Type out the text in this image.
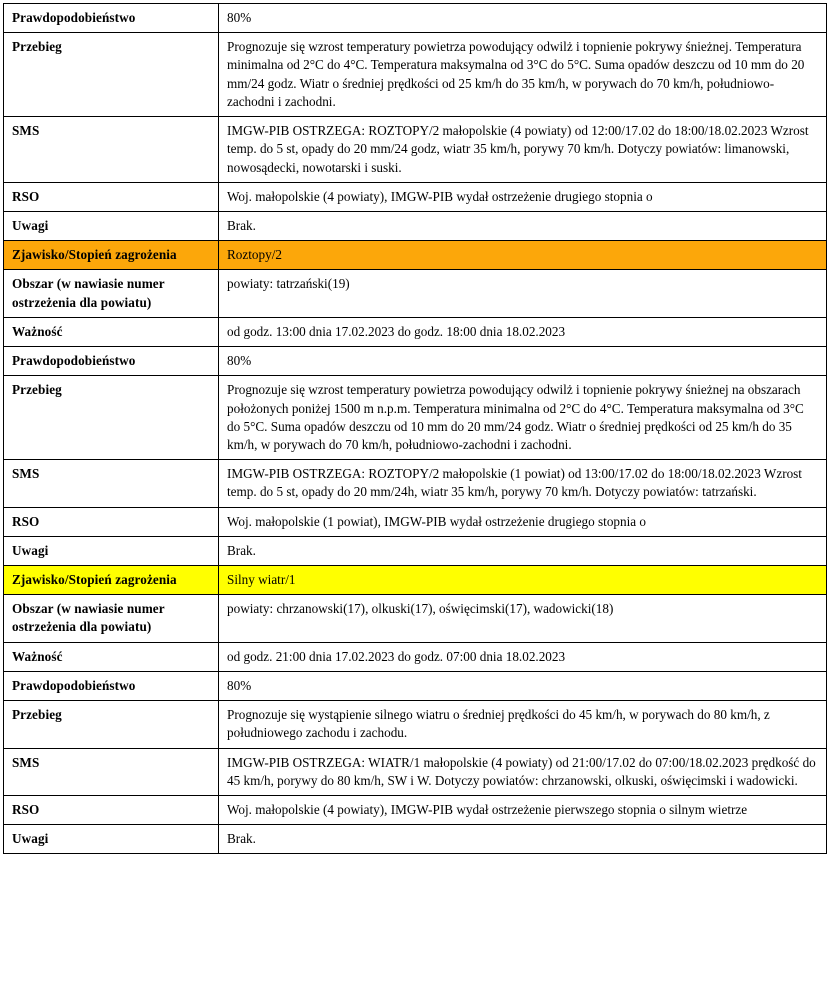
Prawdopodobieństwo	80%
Przebieg	Prognozuje się wzrost temperatury powietrza powodujący odwilż i topnienie pokrywy śnieżnej. Temperatura minimalna od 2°C do 4°C. Temperatura maksymalna od 3°C do 5°C. Suma opadów deszczu od 10 mm do 20 mm/24 godz. Wiatr o średniej prędkości od 25 km/h do 35 km/h, w porywach do 70 km/h, południowo-zachodni i zachodni.
SMS	IMGW-PIB OSTRZEGA: ROZTOPY/2 małopolskie (4 powiaty) od 12:00/17.02 do 18:00/18.02.2023 Wzrost temp. do 5 st, opady do 20 mm/24 godz, wiatr 35 km/h, porywy 70 km/h. Dotyczy powiatów: limanowski, nowosądecki, nowotarski i suski.
RSO	Woj. małopolskie (4 powiaty), IMGW-PIB wydał ostrzeżenie drugiego stopnia o
Uwagi	Brak.
Zjawisko/Stopień zagrożenia	Roztopy/2
Obszar (w nawiasie numer
ostrzeżenia dla powiatu)	powiaty: tatrzański(19)
Ważność	od godz. 13:00 dnia 17.02.2023 do godz. 18:00 dnia 18.02.2023
Prawdopodobieństwo	80%
Przebieg	Prognozuje się wzrost temperatury powietrza powodujący odwilż i topnienie pokrywy śnieżnej na obszarach położonych poniżej 1500 m n.p.m. Temperatura minimalna od 2°C do 4°C. Temperatura maksymalna od 3°C do 5°C. Suma opadów deszczu od 10 mm do 20 mm/24 godz. Wiatr o średniej prędkości od 25 km/h do 35 km/h, w porywach do 70 km/h, południowo-zachodni i zachodni.
SMS	IMGW-PIB OSTRZEGA: ROZTOPY/2 małopolskie (1 powiat) od 13:00/17.02 do 18:00/18.02.2023 Wzrost temp. do 5 st, opady do 20 mm/24h, wiatr 35 km/h, porywy 70 km/h. Dotyczy powiatów: tatrzański.
RSO	Woj. małopolskie (1 powiat), IMGW-PIB wydał ostrzeżenie drugiego stopnia o
Uwagi	Brak.
Zjawisko/Stopień zagrożenia	Silny wiatr/1
Obszar (w nawiasie numer
ostrzeżenia dla powiatu)	powiaty: chrzanowski(17), olkuski(17), oświęcimski(17), wadowicki(18)
Ważność	od godz. 21:00 dnia 17.02.2023 do godz. 07:00 dnia 18.02.2023
Prawdopodobieństwo	80%
Przebieg	Prognozuje się wystąpienie silnego wiatru o średniej prędkości do 45 km/h, w porywach do 80 km/h, z południowego zachodu i zachodu.
SMS	IMGW-PIB OSTRZEGA: WIATR/1 małopolskie (4 powiaty) od 21:00/17.02 do 07:00/18.02.2023 prędkość do 45 km/h, porywy do 80 km/h, SW i W. Dotyczy powiatów: chrzanowski, olkuski, oświęcimski i wadowicki.
RSO	Woj. małopolskie (4 powiaty), IMGW-PIB wydał ostrzeżenie pierwszego stopnia o silnym wietrze
Uwagi	Brak.
